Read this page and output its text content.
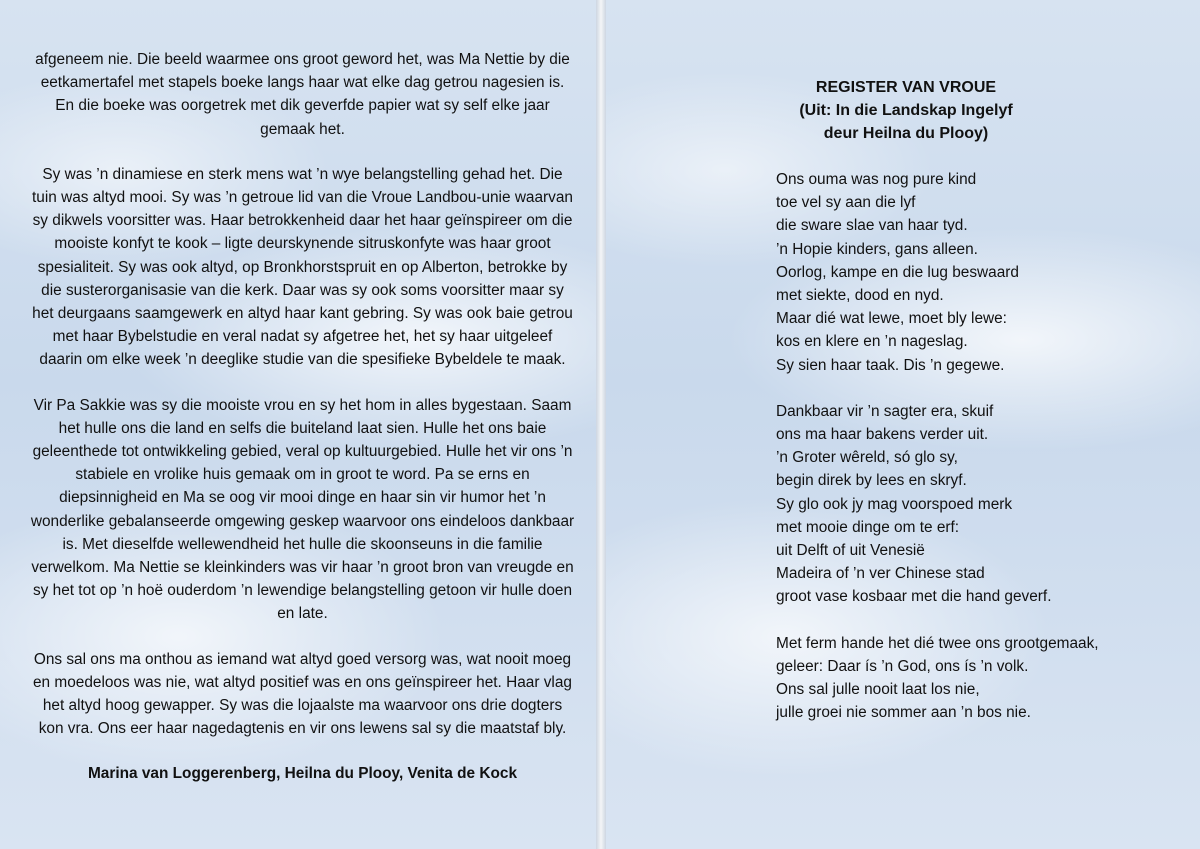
afgeneem nie. Die beeld waarmee ons groot geword het, was Ma Nettie by die eetkamertafel met stapels boeke langs haar wat elke dag getrou nagesien is. En die boeke was oorgetrek met dik geverfde papier wat sy self elke jaar gemaak het.

Sy was ’n dinamiese en sterk mens wat ’n wye belangstelling gehad het. Die tuin was altyd mooi. Sy was ’n getroue lid van die Vroue Landbou-unie waarvan sy dikwels voorsitter was. Haar betrokkenheid daar het haar geïnspireer om die mooiste konfyt te kook – ligte deurskynende sitruskonfyte was haar groot spesialiteit. Sy was ook altyd, op Bronkhorstspruit en op Alberton, betrokke by die susterorganisasie van die kerk. Daar was sy ook soms voorsitter maar sy het deurgaans saamgewerk en altyd haar kant gebring. Sy was ook baie getrou met haar Bybelstudie en veral nadat sy afgetree het, het sy haar uitgeleef daarin om elke week ’n deeglike studie van die spesifieke Bybeldele te maak.

Vir Pa Sakkie was sy die mooiste vrou en sy het hom in alles bygestaan. Saam het hulle ons die land en selfs die buiteland laat sien. Hulle het ons baie geleenthede tot ontwikkeling gebied, veral op kultuurgebied. Hulle het vir ons ’n stabiele en vrolike huis gemaak om in groot te word. Pa se erns en diepsinnigheid en Ma se oog vir mooi dinge en haar sin vir humor het ’n wonderlike gebalanseerde omgewing geskep waarvoor ons eindeloos dankbaar is. Met dieselfde wellewendheid het hulle die skoonseuns in die familie verwelkom. Ma Nettie se kleinkinders was vir haar ’n groot bron van vreugde en sy het tot op ’n hoë ouderdom ’n lewendige belangstelling getoon vir hulle doen en late.

Ons sal ons ma onthou as iemand wat altyd goed versorg was, wat nooit moeg en moedeloos was nie, wat altyd positief was en ons geïnspireer het. Haar vlag het altyd hoog gewapper. Sy was die lojaalste ma waarvoor ons drie dogters kon vra. Ons eer haar nagedagtenis en vir ons lewens sal sy die maatstaf bly.

Marina van Loggerenberg, Heilna du Plooy, Venita de Kock

REGISTER VAN VROUE
(Uit: In die Landskap Ingelyf
deur Heilna du Plooy)
Ons ouma was nog pure kind
toe vel sy aan die lyf
die sware slae van haar tyd.
’n Hopie kinders, gans alleen.
Oorlog, kampe en die lug beswaard
met siekte, dood en nyd.
Maar dié wat lewe, moet bly lewe:
kos en klere en ’n nageslag.
Sy sien haar taak. Dis ’n gegewe.
Dankbaar vir ’n sagter era, skuif
ons ma haar bakens verder uit.
’n Groter wêreld, só glo sy,
begin direk by lees en skryf.
Sy glo ook jy mag voorspoed merk
met mooie dinge om te erf:
uit Delft of uit Venesië
Madeira of ’n ver Chinese stad
groot vase kosbaar met die hand geverf.
Met ferm hande het dié twee ons grootgemaak,
geleer: Daar ís ’n God, ons ís ’n volk.
Ons sal julle nooit laat los nie,
julle groei nie sommer aan ’n bos nie.
